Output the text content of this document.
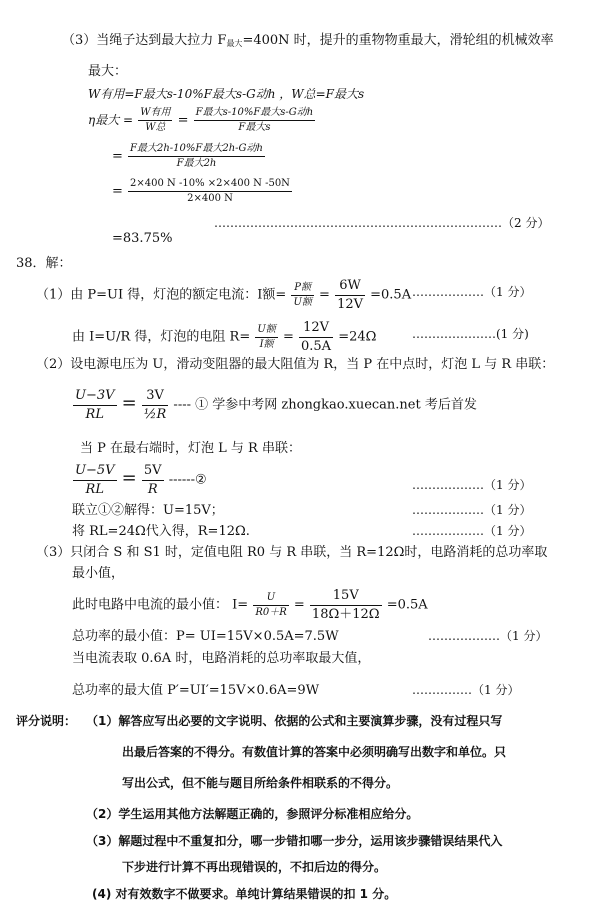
（3）当绳子达到最大拉力 F最大=400N 时，提升的重物物重最大，滑轮组的机械效率
最大：
W有用=F最大s-10%F最大s-G动h ，W总=F最大s
η最大 = $\frac{\text{W有用}}{\text{W总}} = \frac{\text{F最大s-10\%F最大s-G动h}}{\text{F最大s}}$
= $\frac{\text{F最大2h-10\%F最大2h-G动h}}{\text{F最大2h}}$
= $\frac{2\times 400 N -10\% \times 2\times 400 N -50N}{2\times 400 N}$
………………………………………………………………（2 分）
=83.75%
38．解：
（1）由 P=UI 得，灯泡的额定电流：I额= $\frac{\text{P额}}{\text{U额}} = \frac{6W}{12V} =0.5A$ ………………（1 分）
由 I=U/R 得，灯泡的电阻 $R= \frac{\text{U额}}{\text{I额}} = \frac{12V}{0.5A} =24\Omega$	…………………(1 分)
（2）设电源电压为 U，滑动变阻器的最大阻值为 R，当 P 在中点时，灯泡 L 与 R 串联：
$\frac{U-3V}{RL} = \frac{3V}{\text{½R}}$ ---- ① 学参中考网 zhongkao.xuecan.net 考后首发
当 P 在最右端时，灯泡 L 与 R 串联：
$\frac{U-5V}{RL} = \frac{5V}{R}$ ------②	………………（1 分）
联立①②解得：U=15V；	………………（1 分）
将 RL=24Ω代入得，R=12Ω.	………………（1 分）
（3）只闭合 S 和 S1 时，定值电阻 R0 与 R 串联，当 R=12Ω时，电路消耗的总功率取
最小值，
此时电路中电流的最小值： $I= \frac{U}{R0+R} = \frac{15V}{18\Omega+12\Omega} =0.5A$
总功率的最小值：P= UI=15V×0.5A=7.5W	………………（1 分）
当电流表取 0.6A 时，电路消耗的总功率取最大值，
总功率的最大值 P′=UI′=15V×0.6A=9W	……………（1 分）
评分说明： （1）解答应写出必要的文字说明、依据的公式和主要演算步骤，没有过程只写
出最后答案的不得分。有数值计算的答案中必须明确写出数字和单位。只
写出公式，但不能与题目所给条件相联系的不得分。
（2）学生运用其他方法解题正确的，参照评分标准相应给分。
（3）解题过程中不重复扣分，哪一步错扣哪一步分，运用该步骤错误结果代入
下步进行计算不再出现错误的，不扣后边的得分。
(4) 对有效数字不做要求。单纯计算结果错误的扣 1 分。
